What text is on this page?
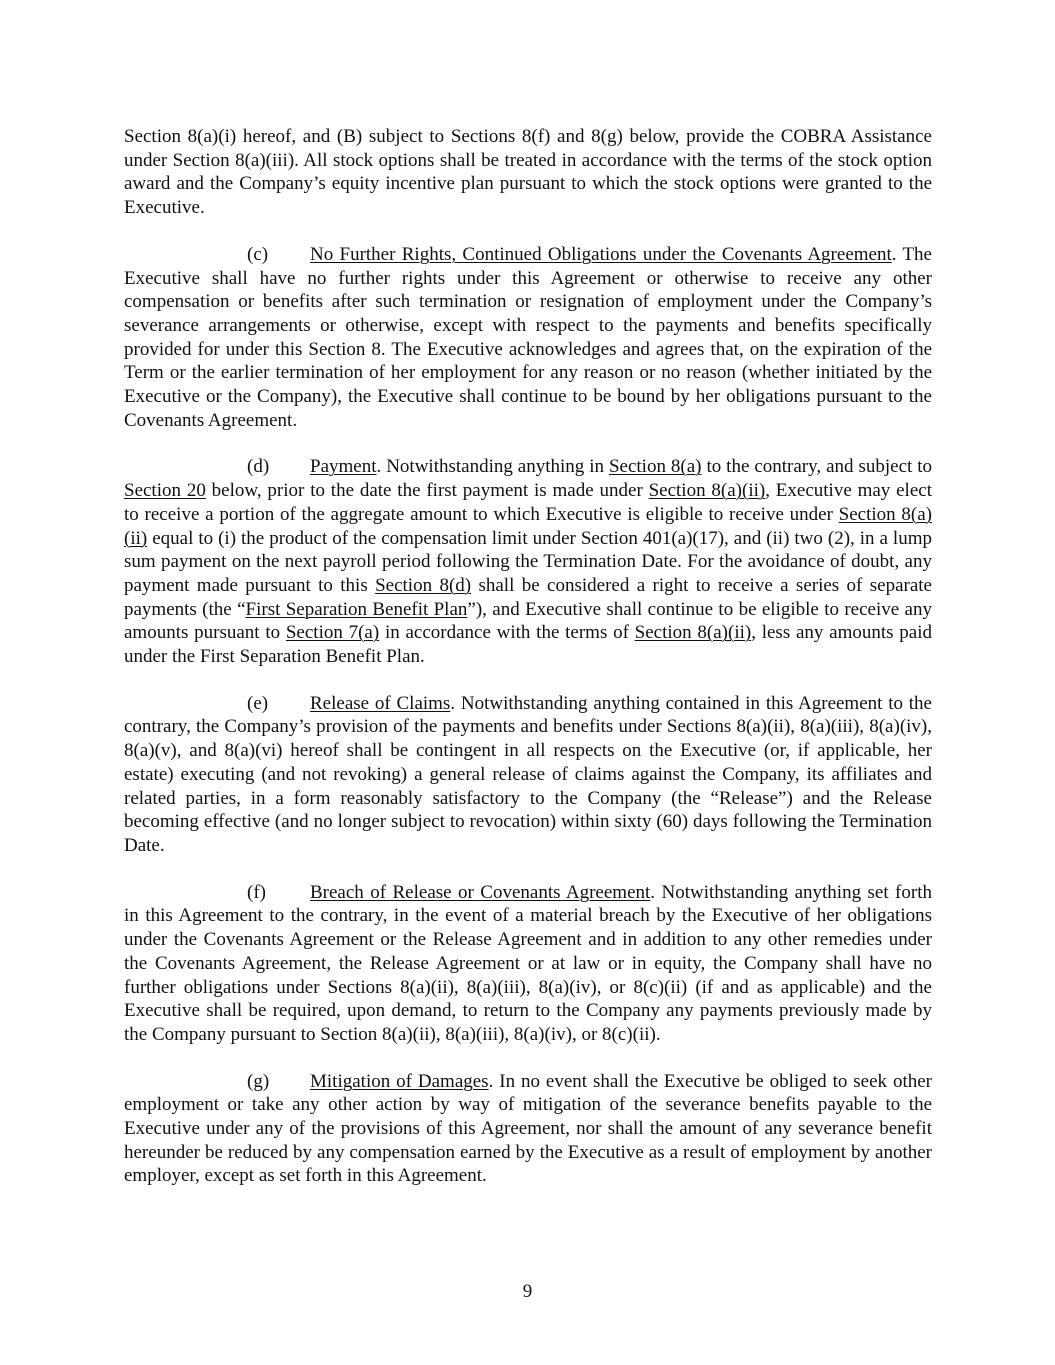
Section 8(a)(i) hereof, and (B) subject to Sections 8(f) and 8(g) below, provide the COBRA Assistance under Section 8(a)(iii). All stock options shall be treated in accordance with the terms of the stock option award and the Company’s equity incentive plan pursuant to which the stock options were granted to the Executive.

(c) No Further Rights, Continued Obligations under the Covenants Agreement. The Executive shall have no further rights under this Agreement or otherwise to receive any other compensation or benefits after such termination or resignation of employment under the Company’s severance arrangements or otherwise, except with respect to the payments and benefits specifically provided for under this Section 8. The Executive acknowledges and agrees that, on the expiration of the Term or the earlier termination of her employment for any reason or no reason (whether initiated by the Executive or the Company), the Executive shall continue to be bound by her obligations pursuant to the Covenants Agreement.

(d) Payment. Notwithstanding anything in Section 8(a) to the contrary, and subject to Section 20 below, prior to the date the first payment is made under Section 8(a)(ii), Executive may elect to receive a portion of the aggregate amount to which Executive is eligible to receive under Section 8(a)(ii) equal to (i) the product of the compensation limit under Section 401(a)(17), and (ii) two (2), in a lump sum payment on the next payroll period following the Termination Date. For the avoidance of doubt, any payment made pursuant to this Section 8(d) shall be considered a right to receive a series of separate payments (the “First Separation Benefit Plan”), and Executive shall continue to be eligible to receive any amounts pursuant to Section 7(a) in accordance with the terms of Section 8(a)(ii), less any amounts paid under the First Separation Benefit Plan.

(e) Release of Claims. Notwithstanding anything contained in this Agreement to the contrary, the Company’s provision of the payments and benefits under Sections 8(a)(ii), 8(a)(iii), 8(a)(iv), 8(a)(v), and 8(a)(vi) hereof shall be contingent in all respects on the Executive (or, if applicable, her estate) executing (and not revoking) a general release of claims against the Company, its affiliates and related parties, in a form reasonably satisfactory to the Company (the “Release”) and the Release becoming effective (and no longer subject to revocation) within sixty (60) days following the Termination Date.

(f) Breach of Release or Covenants Agreement. Notwithstanding anything set forth in this Agreement to the contrary, in the event of a material breach by the Executive of her obligations under the Covenants Agreement or the Release Agreement and in addition to any other remedies under the Covenants Agreement, the Release Agreement or at law or in equity, the Company shall have no further obligations under Sections 8(a)(ii), 8(a)(iii), 8(a)(iv), or 8(c)(ii) (if and as applicable) and the Executive shall be required, upon demand, to return to the Company any payments previously made by the Company pursuant to Section 8(a)(ii), 8(a)(iii), 8(a)(iv), or 8(c)(ii).

(g) Mitigation of Damages. In no event shall the Executive be obliged to seek other employment or take any other action by way of mitigation of the severance benefits payable to the Executive under any of the provisions of this Agreement, nor shall the amount of any severance benefit hereunder be reduced by any compensation earned by the Executive as a result of employment by another employer, except as set forth in this Agreement.

9
